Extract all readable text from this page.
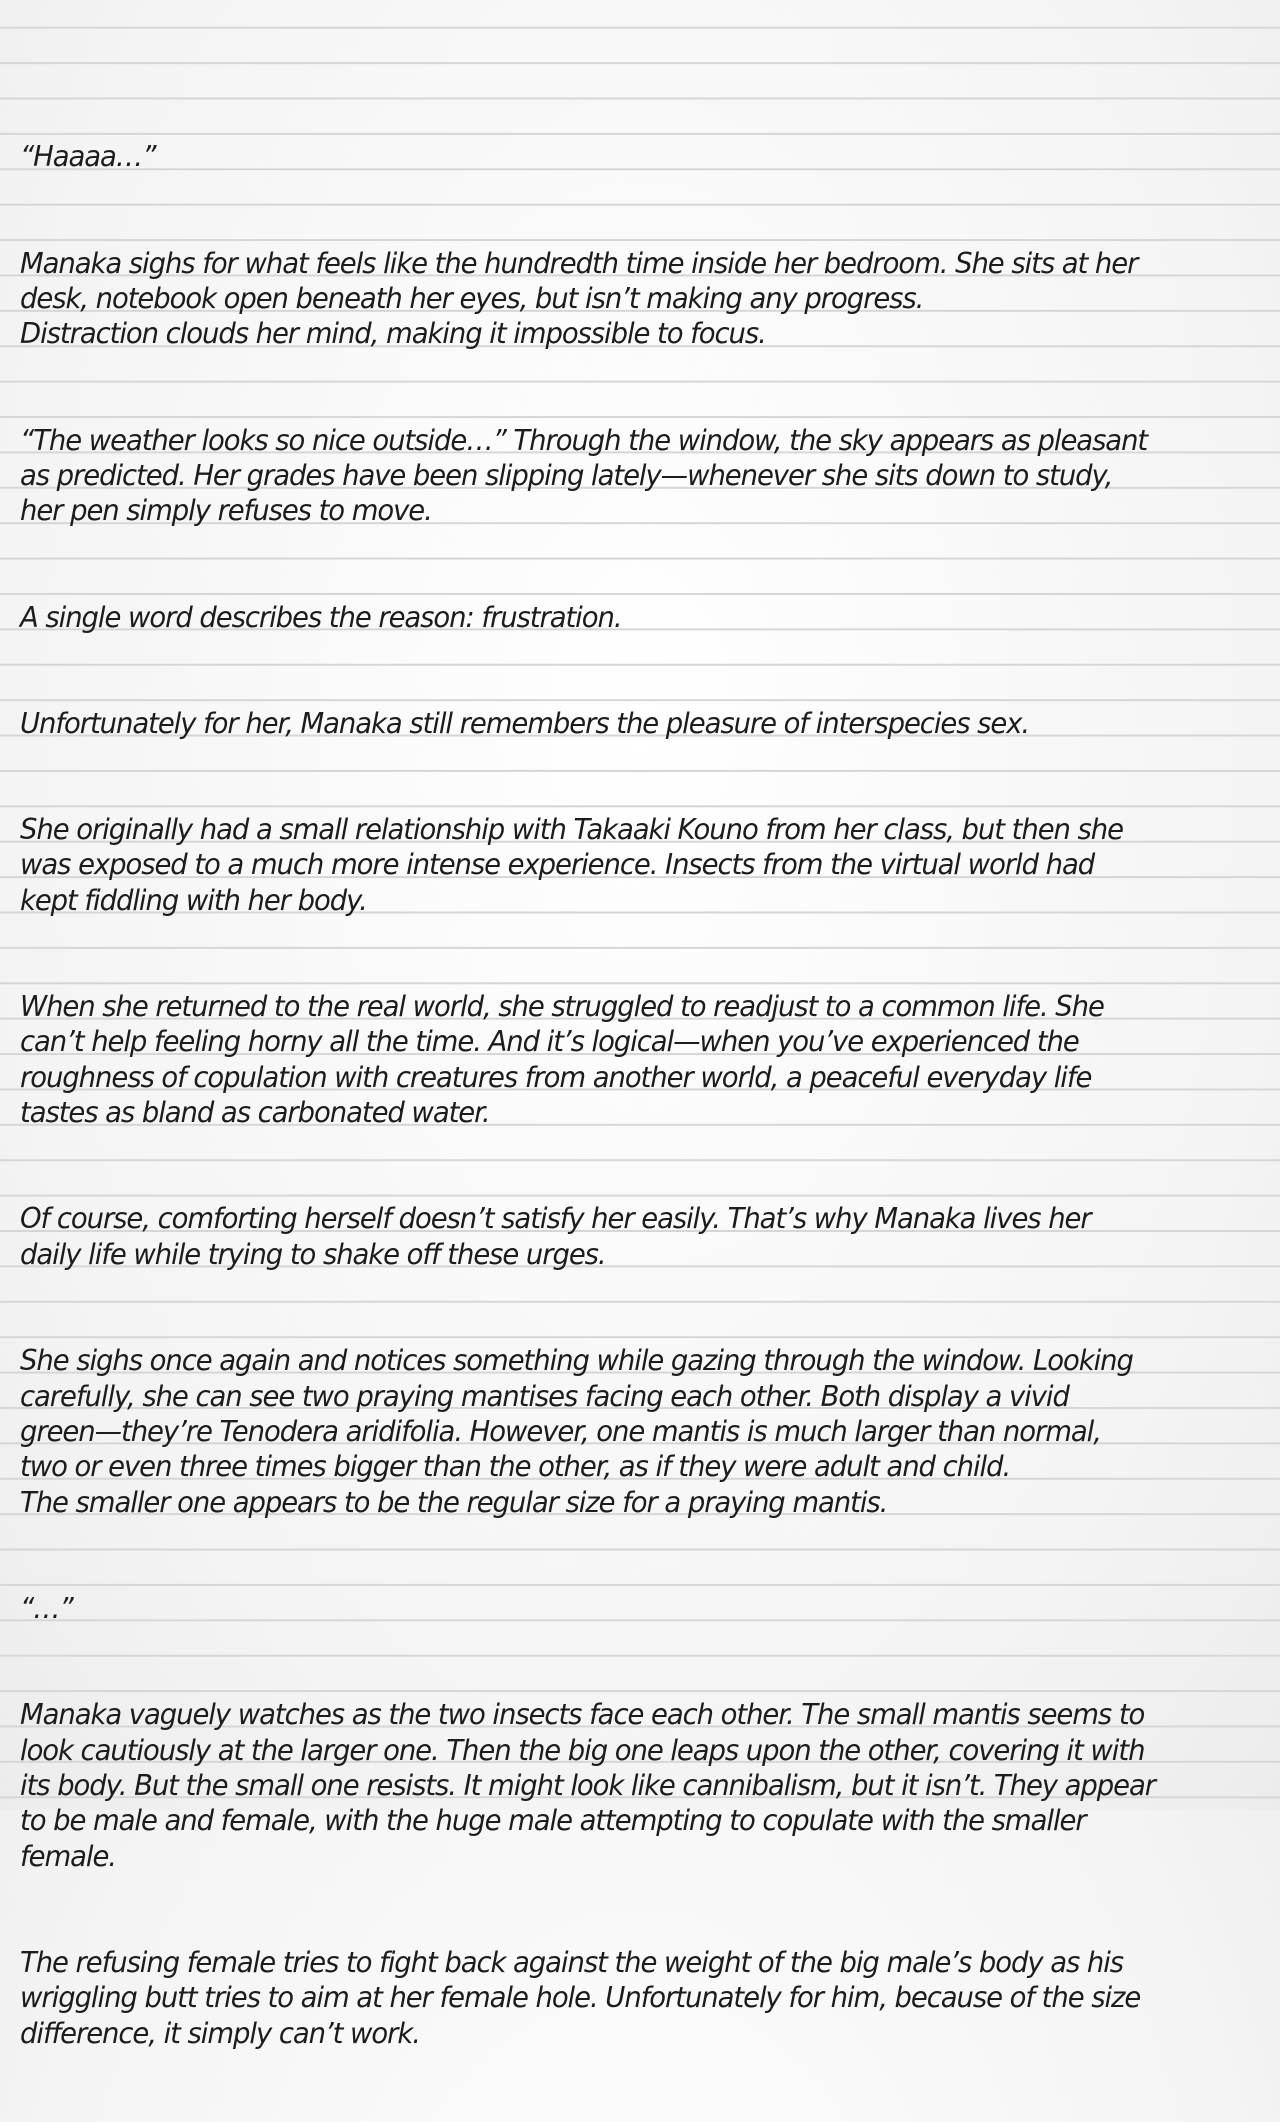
“Haaaa…”

Manaka sighs for what feels like the hundredth time inside her bedroom. She sits at her
desk, notebook open beneath her eyes, but isn’t making any progress.
Distraction clouds her mind, making it impossible to focus.

“The weather looks so nice outside…” Through the window, the sky appears as pleasant
as predicted. Her grades have been slipping lately—whenever she sits down to study,
her pen simply refuses to move.

A single word describes the reason: frustration.

Unfortunately for her, Manaka still remembers the pleasure of interspecies sex.

She originally had a small relationship with Takaaki Kouno from her class, but then she
was exposed to a much more intense experience. Insects from the virtual world had
kept fiddling with her body.

When she returned to the real world, she struggled to readjust to a common life. She
can’t help feeling horny all the time. And it’s logical—when you’ve experienced the
roughness of copulation with creatures from another world, a peaceful everyday life
tastes as bland as carbonated water.

Of course, comforting herself doesn’t satisfy her easily. That’s why Manaka lives her
daily life while trying to shake off these urges.

She sighs once again and notices something while gazing through the window. Looking
carefully, she can see two praying mantises facing each other. Both display a vivid
green—they’re Tenodera aridifolia. However, one mantis is much larger than normal,
two or even three times bigger than the other, as if they were adult and child.
The smaller one appears to be the regular size for a praying mantis.

“…”

Manaka vaguely watches as the two insects face each other. The small mantis seems to
look cautiously at the larger one. Then the big one leaps upon the other, covering it with
its body. But the small one resists. It might look like cannibalism, but it isn’t. They appear
to be male and female, with the huge male attempting to copulate with the smaller
female.

The refusing female tries to fight back against the weight of the big male’s body as his
wriggling butt tries to aim at her female hole. Unfortunately for him, because of the size
difference, it simply can’t work.
